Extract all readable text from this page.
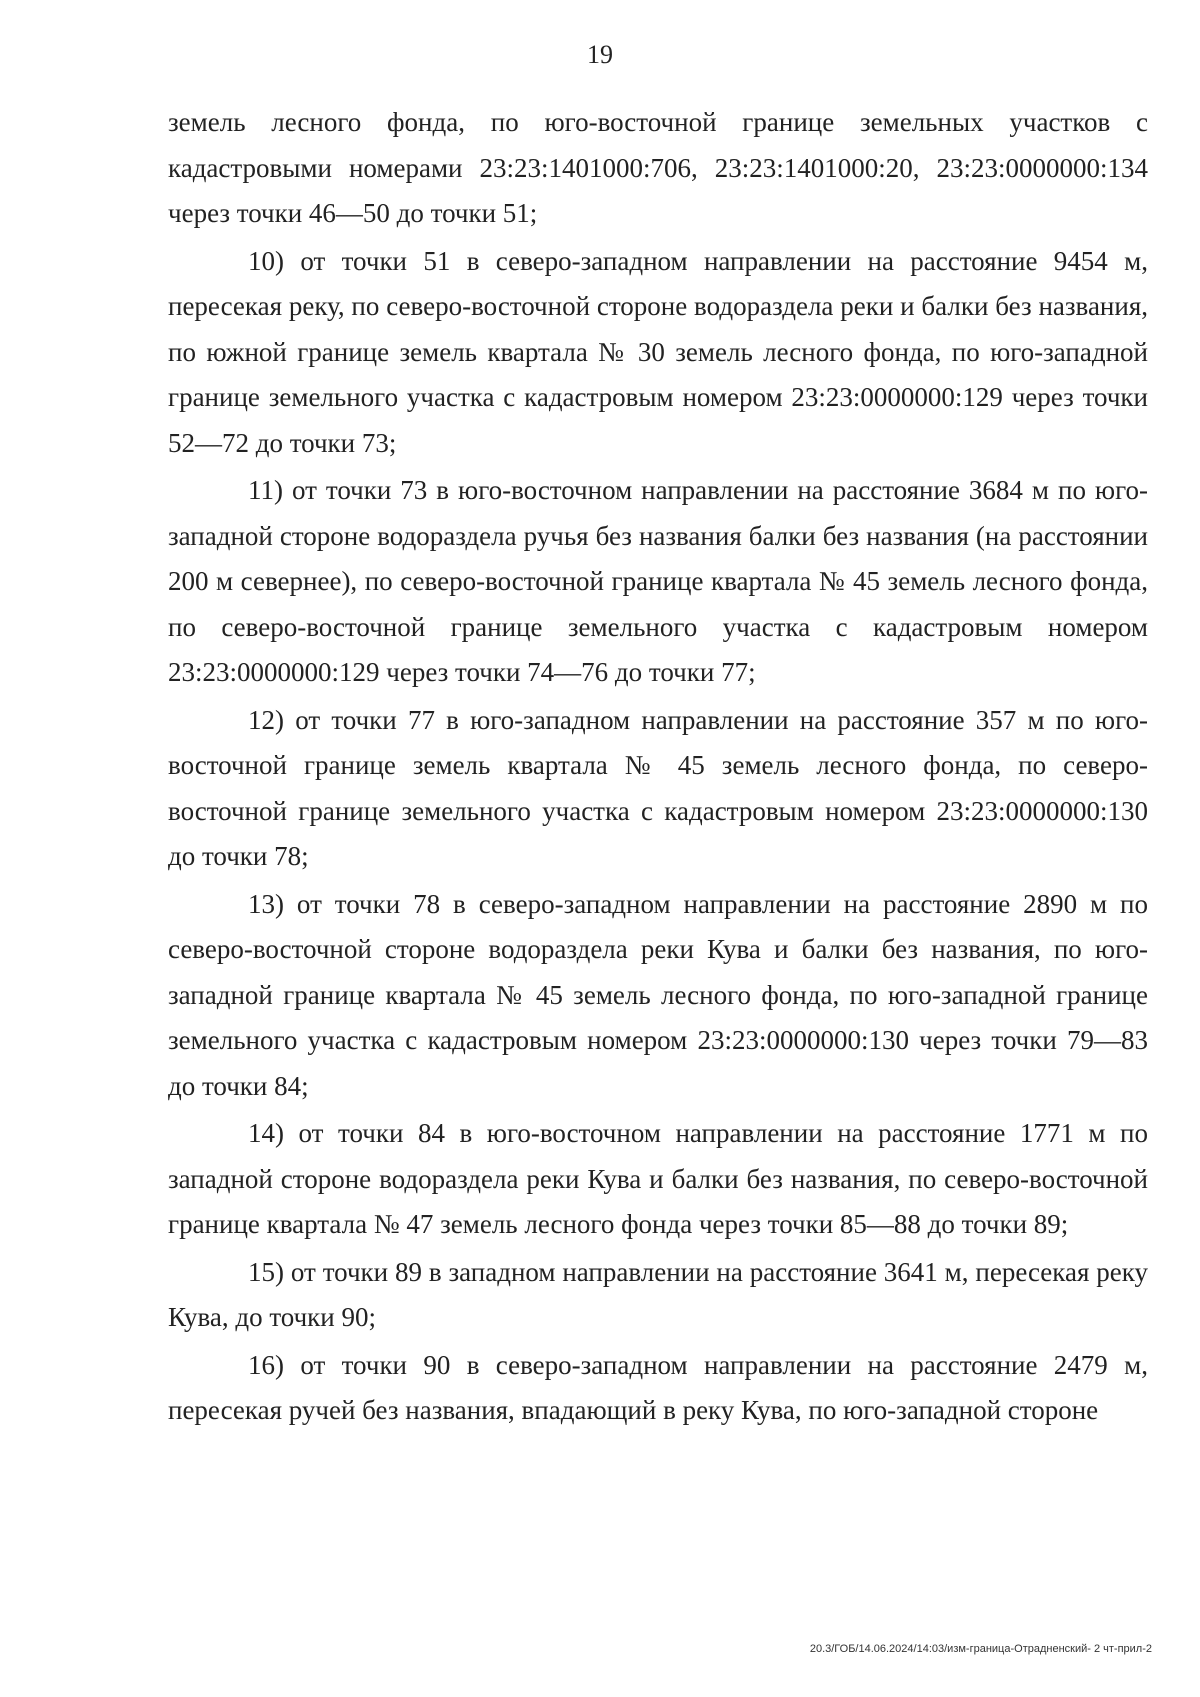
19

земель лесного фонда, по юго-восточной границе земельных участков с кадастровыми номерами 23:23:1401000:706, 23:23:1401000:20, 23:23:0000000:134 через точки 46—50 до точки 51;

10) от точки 51 в северо-западном направлении на расстояние 9454 м, пересекая реку, по северо-восточной стороне водораздела реки и балки без названия, по южной границе земель квартала № 30 земель лесного фонда, по юго-западной границе земельного участка с кадастровым номером 23:23:0000000:129 через точки 52—72 до точки 73;

11) от точки 73 в юго-восточном направлении на расстояние 3684 м по юго-западной стороне водораздела ручья без названия балки без названия (на расстоянии 200 м севернее), по северо-восточной границе квартала № 45 земель лесного фонда, по северо-восточной границе земельного участка с кадастровым номером 23:23:0000000:129 через точки 74—76 до точки 77;

12) от точки 77 в юго-западном направлении на расстояние 357 м по юго-восточной границе земель квартала № 45 земель лесного фонда, по северо-восточной границе земельного участка с кадастровым номером 23:23:0000000:130 до точки 78;

13) от точки 78 в северо-западном направлении на расстояние 2890 м по северо-восточной стороне водораздела реки Кува и балки без названия, по юго-западной границе квартала № 45 земель лесного фонда, по юго-западной границе земельного участка с кадастровым номером 23:23:0000000:130 через точки 79—83 до точки 84;

14) от точки 84 в юго-восточном направлении на расстояние 1771 м по западной стороне водораздела реки Кува и балки без названия, по северо-восточной границе квартала № 47 земель лесного фонда через точки 85—88 до точки 89;

15) от точки 89 в западном направлении на расстояние 3641 м, пересекая реку Кува, до точки 90;

16) от точки 90 в северо-западном направлении на расстояние 2479 м, пересекая ручей без названия, впадающий в реку Кува, по юго-западной стороне

20.3/ГОБ/14.06.2024/14:03/изм-граница-Отрадненский- 2 чт-прил-2
